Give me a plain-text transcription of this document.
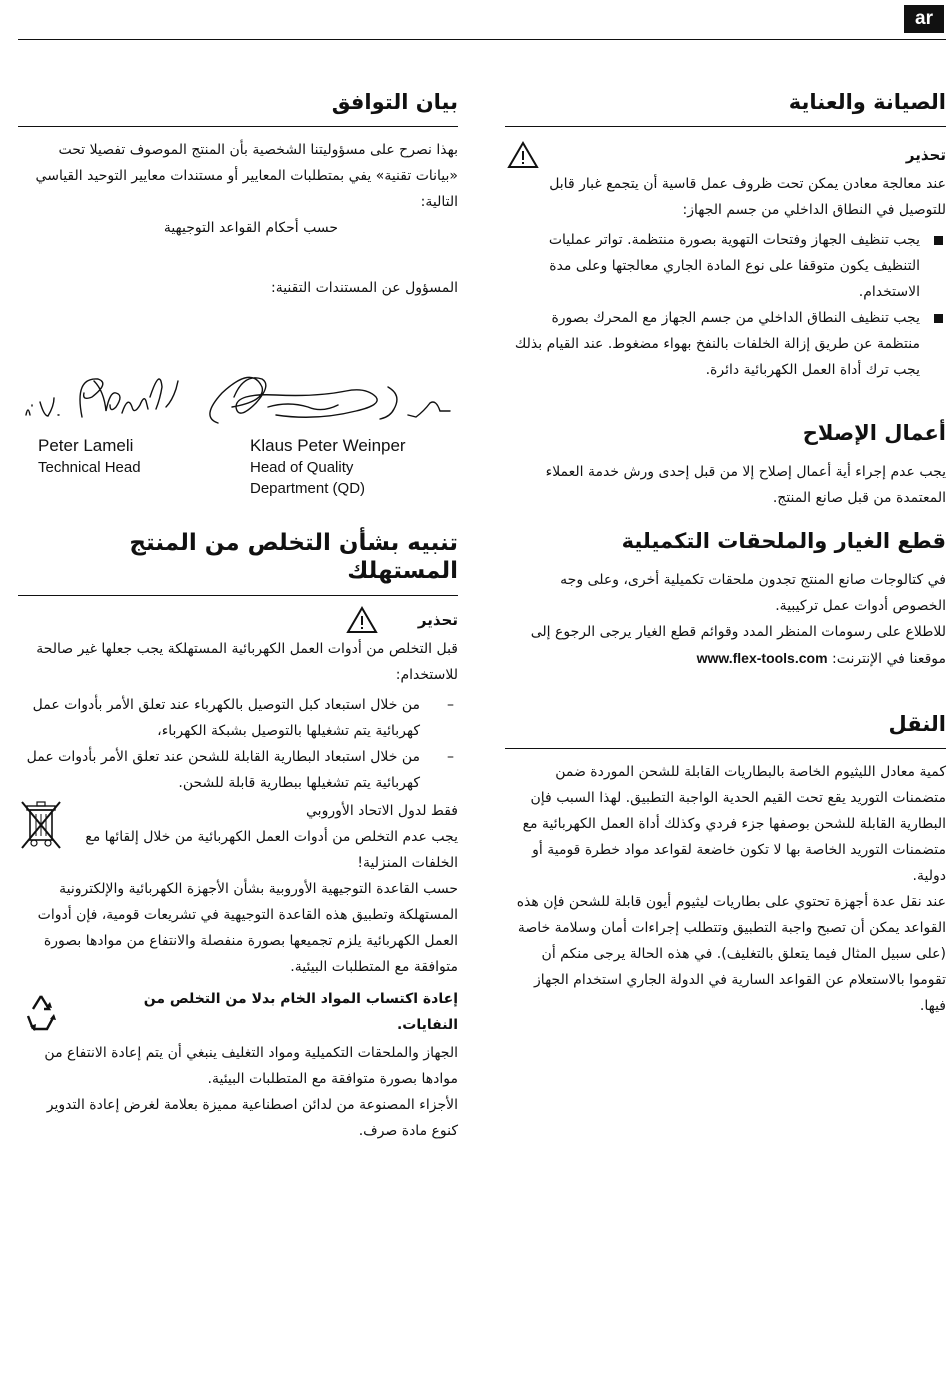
ar
الصيانة والعناية
تحذير

عند معالجة معادن يمكن تحت ظروف عمل قاسية أن يتجمع غبار قابل للتوصيل في النطاق الداخلي من جسم الجهاز:

يجب تنظيف الجهاز وفتحات التهوية بصورة منتظمة. تواتر عمليات التنظيف يكون متوقفا على نوع المادة الجاري معالجتها وعلى مدة الاستخدام.
يجب تنظيف النطاق الداخلي من جسم الجهاز مع المحرك بصورة منتظمة عن طريق إزالة الخلفات بالنفخ بهواء مضغوط. عند القيام بذلك يجب ترك أداة العمل الكهربائية دائرة.
أعمال الإصلاح

يجب عدم إجراء أية أعمال إصلاح إلا من قبل إحدى ورش خدمة العملاء المعتمدة من قبل صانع المنتج.

قطع الغيار والملحقات التكميلية

في كتالوجات صانع المنتج تجدون ملحقات تكميلية أخرى، وعلى وجه الخصوص أدوات عمل تركيبية.

للاطلاع على رسومات المنظر المدد وقوائم قطع الغيار يرجى الرجوع إلى موقعنا في الإنترنت: www.flex-tools.com

النقل

كمية معادل الليثيوم الخاصة بالبطاريات القابلة للشحن الموردة ضمن متضمنات التوريد يقع تحت القيم الحدية الواجبة التطبيق. لهذا السبب فإن البطارية القابلة للشحن بوصفها جزء فردي وكذلك أداة العمل الكهربائية مع متضمنات التوريد الخاصة بها لا تكون خاضعة لقواعد مواد خطرة قومية أو دولية.

عند نقل عدة أجهزة تحتوي على بطاريات ليثيوم أيون قابلة للشحن فإن هذه القواعد يمكن أن تصبح واجبة التطبيق وتتطلب إجراءات أمان وسلامة خاصة (على سبيل المثال فيما يتعلق بالتغليف). في هذه الحالة يرجى منكم أن تقوموا بالاستعلام عن القواعد السارية في الدولة الجاري استخدام الجهاز فيها.

بيان التوافق

بهذا نصرح على مسؤوليتنا الشخصية بأن المنتج الموصوف تفصيلا تحت «بيانات تقنية» يفي بمتطلبات المعايير أو مستندات معايير التوحيد القياسي التالية:

حسب أحكام القواعد التوجيهية

المسؤول عن المستندات التقنية:

Peter Lameli
Technical Head
Klaus Peter Weinper
Head of Quality
Department (QD)
تنبيه بشأن التخلص من المنتج المستهلك
تحذير

قبل التخلص من أدوات العمل الكهربائية المستهلكة يجب جعلها غير صالحة للاستخدام:

– من خلال استبعاد كبل التوصيل بالكهرباء عند تعلق الأمر بأدوات عمل كهربائية يتم تشغيلها بالتوصيل بشبكة الكهرباء،
– من خلال استبعاد البطارية القابلة للشحن عند تعلق الأمر بأدوات عمل كهربائية يتم تشغيلها ببطارية قابلة للشحن.

فقط لدول الاتحاد الأوروبي

يجب عدم التخلص من أدوات العمل الكهربائية من خلال إلقائها مع الخلفات المنزلية!

حسب القاعدة التوجيهية الأوروبية بشأن الأجهزة الكهربائية والإلكترونية المستهلكة وتطبيق هذه القاعدة التوجيهية في تشريعات قومية، فإن أدوات العمل الكهربائية يلزم تجميعها بصورة منفصلة والانتفاع من موادها بصورة متوافقة مع المتطلبات البيئية.

إعادة اكتساب المواد الخام بدلا من التخلص من النفايات.

الجهاز والملحقات التكميلية ومواد التغليف ينبغي أن يتم إعادة الانتفاع من موادها بصورة متوافقة مع المتطلبات البيئية.

الأجزاء المصنوعة من لدائن اصطناعية مميزة بعلامة لغرض إعادة التدوير كنوع مادة صرف.
